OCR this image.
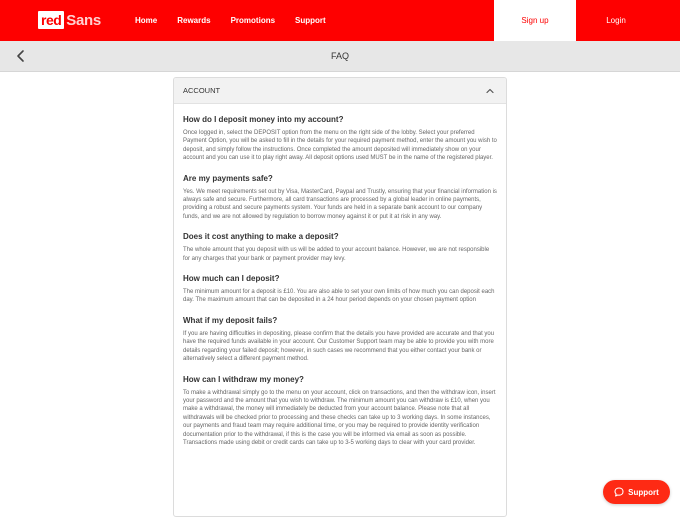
red Sans	Home	Rewards	Promotions	Support	Sign up	Login
FAQ
ACCOUNT
How do I deposit money into my account?
Once logged in, select the DEPOSIT option from the menu on the right side of the lobby. Select your preferred Payment Option, you will be asked to fill in the details for your required payment method, enter the amount you wish to deposit, and simply follow the instructions. Once completed the amount deposited will immediately show on your account and you can use it to play right away. All deposit options used MUST be in the name of the registered player.
Are my payments safe?
Yes. We meet requirements set out by Visa, MasterCard, Paypal and Trustly, ensuring that your financial information is always safe and secure. Furthermore, all card transactions are processed by a global leader in online payments, providing a robust and secure payments system. Your funds are held in a separate bank account to our company funds, and we are not allowed by regulation to borrow money against it or put it at risk in any way.
Does it cost anything to make a deposit?
The whole amount that you deposit with us will be added to your account balance. However, we are not responsible for any charges that your bank or payment provider may levy.
How much can I deposit?
The minimum amount for a deposit is £10. You are also able to set your own limits of how much you can deposit each day. The maximum amount that can be deposited in a 24 hour period depends on your chosen payment option
What if my deposit fails?
If you are having difficulties in depositing, please confirm that the details you have provided are accurate and that you have the required funds available in your account. Our Customer Support team may be able to provide you with more details regarding your failed deposit; however, in such cases we recommend that you either contact your bank or alternatively select a different payment method.
How can I withdraw my money?
To make a withdrawal simply go to the menu on your account, click on transactions, and then the withdraw icon, insert your password and the amount that you wish to withdraw. The minimum amount you can withdraw is £10, when you make a withdrawal, the money will immediately be deducted from your account balance. Please note that all withdrawals will be checked prior to processing and these checks can take up to 3 working days. In some instances, our payments and fraud team may require additional time, or you may be required to provide identity verification documentation prior to the withdrawal, if this is the case you will be informed via email as soon as possible. Transactions made using debit or credit cards can take up to 3-5 working days to clear with your card provider.
Support
